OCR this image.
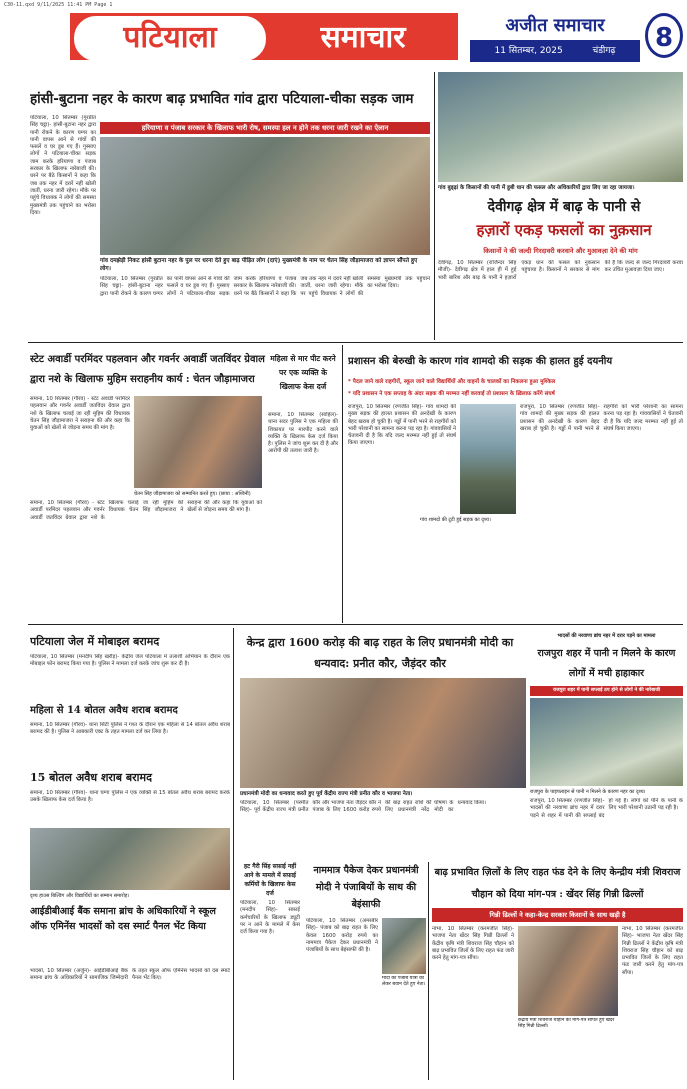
C30-11.qxd 9/11/2025 11:41 PM Page 1
पटियाला	समाचार	अजीत समाचार
11 सितम्बर, 2025	चंडीगढ़	8
हांसी-बुटाना नहर के कारण बाढ़ प्रभावित गांव द्वारा पटियाला-चीका सड़क जाम
हरियाणा व पंजाब सरकार के खिलाफ भारी रोष, समस्या हल न होने तक धरना जारी रखने का ऐलान
पटियाला, 10 सितम्बर (गुरप्रीत सिंह चट्ठा)- हांसी-बुटाना नहर द्वारा पानी रोकने के कारण घग्गर का पानी वापस आने से गांवों की फसलें व घर डूब गए हैं। गुस्साए लोगों ने पटियाला-चीका सड़क जाम करके हरियाणा व पंजाब सरकार के खिलाफ नारेबाजी की। धरने पर बैठे किसानों ने कहा कि जब तक नहर में दरारें नहीं खोली जातीं, धरना जारी रहेगा। मौके पर पहुंचे विधायक ने लोगों की समस्या मुख्यमंत्री तक पहुंचाने का भरोसा दिया।
गांव दमझेड़ी निकट हांसी बुटाना नहर के पुल पर धरना देते हुए बाढ़ पीड़ित लोग (दाएं) मुख्यमंत्री के नाम पर चेतन सिंह जौड़ामाजरा को ज्ञापन सौंपते हुए लोग।
पटियाला, 10 सितम्बर (गुरप्रीत सिंह चट्ठा)- हांसी-बुटाना नहर द्वारा पानी रोकने के कारण घग्गर का पानी वापस आने से गांवों की फसलें व घर डूब गए हैं। गुस्साए लोगों ने पटियाला-चीका सड़क जाम करके हरियाणा व पंजाब सरकार के खिलाफ नारेबाजी की। धरने पर बैठे किसानों ने कहा कि जब तक नहर में दरारें नहीं खोली जातीं, धरना जारी रहेगा। मौके पर पहुंचे विधायक ने लोगों की समस्या मुख्यमंत्री तक पहुंचाने का भरोसा दिया।
गांव बुड्ढ़ां के किसानों की पानी में डूबी धान की फसल और अधिकारियों द्वारा लिए जा रहा जायजा।
देवीगढ़ क्षेत्र में बाढ़ के पानी से
हज़ारों एकड़ फसलों का नुक़सान
किसानों ने की जल्दी गिरदावरी करवाने और मुआवज़ा देने की मांग
देवीगढ़, 10 सितम्बर (राजिन्दर सिंह मौजी)- देवीगढ़ क्षेत्र में हाल ही में हुई भारी बारिश और बाढ़ के पानी ने हज़ारों एकड़ धान की फसल को नुकसान पहुंचाया है। किसानों ने सरकार से मांग की है कि जल्द से जल्द गिरदावरी करवा कर उचित मुआवज़ा दिया जाए।
स्टेट अवार्डी परमिंदर पहलवान और गवर्नर अवार्डी जतविंदर ग्रेवाल
द्वारा नशे के खिलाफ मुहिम सराहनीय कार्य : चेतन जौड़ामाजरा
समाना, 10 सितम्बर (गौरव) - स्टेट अवार्डी परमिंदर पहलवान और गवर्नर अवार्डी जतविंदर ग्रेवाल द्वारा नशे के खिलाफ चलाई जा रही मुहिम की विधायक चेतन सिंह जौड़ामाजरा ने सराहना की और कहा कि युवाओं को खेलों से जोड़ना समय की मांग है।
चेतन सिंह जौड़ामाजरा को सम्मानित करते हुए। (छाया : अश्विनी)
समाना, 10 सितम्बर (गौरव) - स्टेट अवार्डी परमिंदर पहलवान और गवर्नर अवार्डी जतविंदर ग्रेवाल द्वारा नशे के खिलाफ चलाई जा रही मुहिम की विधायक चेतन सिंह जौड़ामाजरा ने सराहना की और कहा कि युवाओं को खेलों से जोड़ना समय की मांग है।
महिला से मार पीट करने पर एक व्यक्ति के खिलाफ केस दर्ज
समाना, 10 सितम्बर (साहिल)- थाना सदर पुलिस ने एक महिला की शिकायत पर मारपीट करने वाले व्यक्ति के खिलाफ केस दर्ज किया है। पुलिस ने जांच शुरू कर दी है और आरोपी की तलाश जारी है।
प्रशासन की बेरुखी के कारण गांव शामदो की सड़क की हालत हुई दयनीय
* पैदल जाने वाले राहगीरों, स्कूल जाने वाले विद्यार्थियों और वाहनों के चालकों का निकलना हुआ मुश्किल
* यदि प्रशासन ने एक सप्ताह के अंदर सड़क की मरम्मत नहीं करवाई तो प्रशासन के ख़िलाफ़ करेंगे संघर्ष
राजपुरा, 10 सितम्बर (रणजीत सिंह)- गांव शामदो की मुख्य सड़क की हालत प्रशासन की अनदेखी के कारण बेहद खराब हो चुकी है। गड्ढों में पानी भरने से राहगीरों को भारी परेशानी का सामना करना पड़ रहा है। गांववासियों ने चेतावनी दी है कि यदि जल्द मरम्मत नहीं हुई तो संघर्ष किया जाएगा।
गांव शामदो की टूटी हुई सड़क का दृश्य।
राजपुरा, 10 सितम्बर (रणजीत सिंह)- गांव शामदो की मुख्य सड़क की हालत प्रशासन की अनदेखी के कारण बेहद खराब हो चुकी है। गड्ढों में पानी भरने से राहगीरों को भारी परेशानी का सामना करना पड़ रहा है। गांववासियों ने चेतावनी दी है कि यदि जल्द मरम्मत नहीं हुई तो संघर्ष किया जाएगा।
पटियाला जेल में मोबाइल बरामद
पटियाला, 10 सितम्बर (मनदीप सिंह खरौड़)- केंद्रीय जेल पटियाला में तलाशी अभियान के दौरान एक मोबाइल फोन बरामद किया गया है। पुलिस ने मामला दर्ज करके जांच शुरू कर दी है।
महिला से 14 बोतल अवैध शराब बरामद
समाना, 10 सितम्बर (गौरव)- थाना सिटी पुलिस ने गश्त के दौरान एक महिला से 14 बोतल अवैध शराब बरामद की है। पुलिस ने आबकारी एक्ट के तहत मामला दर्ज कर लिया है।
15 बोतल अवैध शराब बरामद
समाना, 10 सितम्बर (गौरव)- थाना घग्गा पुलिस ने एक व्यक्ति से 15 बोतल अवैध शराब बरामद करके उसके खिलाफ केस दर्ज किया है।
दृश्य हाउस बिल्डिंग और विद्यार्थियों का सम्मान समारोह।
आईडीबीआई बैंक समाना ब्रांच के अधिकारियों ने स्कूल ऑफ एमिनेंस भादसों को दस स्मार्ट पैनल भेंट किया
भादसों, 10 सितम्बर (अर्जुन)- आईडीबीआई बैंक समाना ब्रांच के अधिकारियों ने सामाजिक जिम्मेदारी के तहत स्कूल ऑफ एमिनेंस भादसों को दस स्मार्ट पैनल भेंट किए।
केन्द्र द्वारा 1600 करोड़ की बाढ़ राहत के लिए प्रधानमंत्री मोदी का धन्यवाद: प्रनीत कौर, जैड़ंदर कौर
प्रधानमंत्री मोदी का धन्यवाद करते हुए पूर्व केंद्रीय राज्य मंत्री प्रनीत कौर व भाजपा नेता।
पटियाला, 10 सितम्बर (परमीत सिंह)- पूर्व केंद्रीय राज्य मंत्री प्रनीत कौर और भाजपा नेता जैड़ंदर कौर ने पंजाब के लिए 1600 करोड़ रुपये की बाढ़ राहत राशि की घोषणा के लिए प्रधानमंत्री नरेंद्र मोदी का धन्यवाद किया।
हट गैरी सिंह सफ़ाई नहीं आने के मामले में सफ़ाई कर्मियों के खिलाफ केस दर्ज
पटियाला, 10 सितम्बर (मनदीप सिंह)- सफ़ाई कर्मचारियों के खिलाफ ड्यूटी पर न आने के मामले में केस दर्ज किया गया है।
नाममात्र पैकेज देकर प्रधानमंत्री मोदी ने पंजाबियों के साथ की बेइंसाफी
पटियाला, 10 सितम्बर (अमरबीर सिंह)- पंजाब को बाढ़ राहत के लिए केवल 1600 करोड़ रुपये का नाममात्र पैकेज देकर प्रधानमंत्री ने पंजाबियों के साथ बेइंसाफी की है।
मोदी की पंजाब यात्रा को लेकर बयान देते हुए नेता।
भादसों की नरवाणा ब्रांच नहर में दरार पड़ने का मामला
राजपुरा शहर में पानी न मिलने के कारण लोगों में मची हाहाकार
राजपुरा शहर में पानी सप्लाई ठप होने से लोगों ने की नारेबाजी
राजपुरा के पाइपलाइन से पानी न मिलने के कारण नहर का दृश्य।
राजपुरा, 10 सितम्बर (रणजीत सिंह)- भादसों की नरवाणा ब्रांच नहर में दरार पड़ने से शहर में पानी की सप्लाई बंद हो गई है। लोगों को पीने के पानी के लिए भारी परेशानी उठानी पड़ रही है।
बाढ़ प्रभावित ज़िलों के लिए राहत फंड देने के लिए केन्द्रीय मंत्री शिवराज चौहान को दिया मांग-पत्र : खेंदर सिंह गिन्नी ढिल्लों
गिन्नी ढिल्लों ने कहा-केन्द्र सरकार किसानों के साथ खड़ी है
नाभा, 10 सितम्बर (करमजीत सिंह)- भाजपा नेता खेंदर सिंह गिन्नी ढिल्लों ने केंद्रीय कृषि मंत्री शिवराज सिंह चौहान को बाढ़ प्रभावित जिलों के लिए राहत फंड जारी करने हेतु मांग-पत्र सौंपा।
केंद्रीय मंत्री शिवराज चौहान को मांग-पत्र सौंपते हुए खेंदर सिंह गिन्नी ढिल्लों।
नाभा, 10 सितम्बर (करमजीत सिंह)- भाजपा नेता खेंदर सिंह गिन्नी ढिल्लों ने केंद्रीय कृषि मंत्री शिवराज सिंह चौहान को बाढ़ प्रभावित जिलों के लिए राहत फंड जारी करने हेतु मांग-पत्र सौंपा।
